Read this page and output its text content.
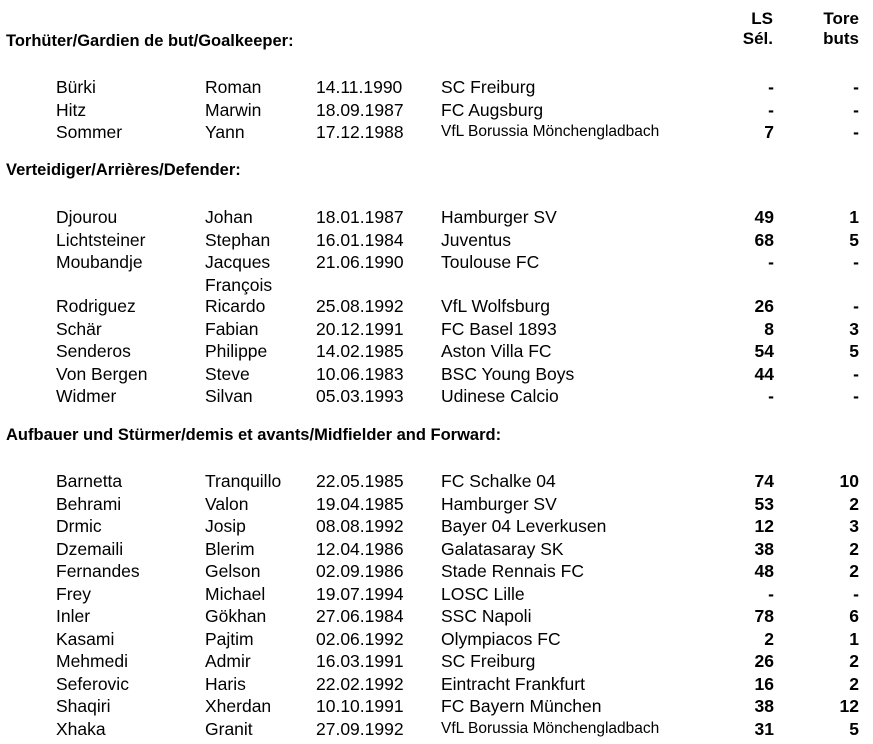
LS
Sél.
Tore
buts
Torhüter/Gardien de but/Goalkeeper:
Bürki	Roman	14.11.1990 SC Freiburg	-	-
Hitz	Marwin	18.09.1987 FC Augsburg	-	-
Sommer	Yann	17.12.1988 VfL Borussia Mönchengladbach	7	-
Verteidiger/Arrières/Defender:
Djourou	Johan	18.01.1987 Hamburger SV	49	1
Lichtsteiner	Stephan	16.01.1984 Juventus	68	5
Moubandje	Jacques	21.06.1990 Toulouse FC	-	-
François
Rodriguez	Ricardo	25.08.1992 VfL Wolfsburg	26	-
Schär	Fabian	20.12.1991 FC Basel 1893	8	3
Senderos	Philippe	14.02.1985 Aston Villa FC	54	5
Von Bergen	Steve	10.06.1983 BSC Young Boys	44	-
Widmer	Silvan	05.03.1993 Udinese Calcio	-	-
Aufbauer und Stürmer/demis et avants/Midfielder and Forward:
Barnetta	Tranquillo 22.05.1985 FC Schalke 04	74	10
Behrami	Valon	19.04.1985 Hamburger SV	53	2
Drmic	Josip	08.08.1992 Bayer 04 Leverkusen	12	3
Dzemaili	Blerim	12.04.1986 Galatasaray SK	38	2
Fernandes	Gelson	02.09.1986 Stade Rennais FC	48	2
Frey	Michael	19.07.1994 LOSC Lille	-	-
Inler	Gökhan	27.06.1984 SSC Napoli	78	6
Kasami	Pajtim	02.06.1992 Olympiacos FC	2	1
Mehmedi	Admir	16.03.1991 SC Freiburg	26	2
Seferovic	Haris	22.02.1992 Eintracht Frankfurt	16	2
Shaqiri	Xherdan	10.10.1991 FC Bayern München	38	12
Xhaka	Granit	27.09.1992 VfL Borussia Mönchengladbach	31	5
